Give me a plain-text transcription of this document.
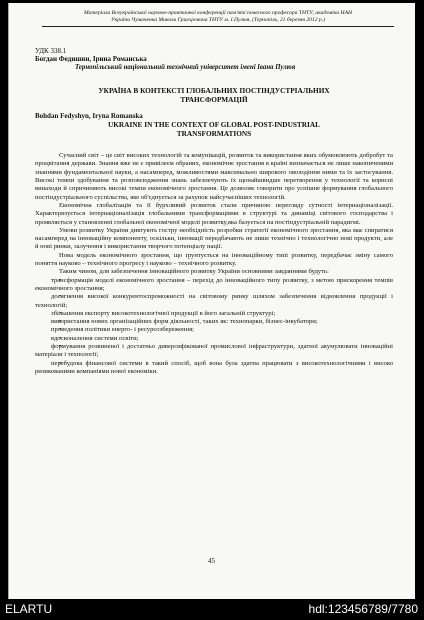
Матеріали Всеукраїнської науково-практичної конференції пам'яті почесного професора ТНТУ, академіка НАН
України Чумаченка Миколи Григоровича ТНТУ м. І.Пулюя, (Тернопіль, 21 березня 2012 р.)
УДК 338.1
Богдан Федишин, Ірина Романська
Тернопільський національний технічний університет імені Івана Пулюя
УКРАЇНА В КОНТЕКСТІ ГЛОБАЛЬНИХ ПОСТІНДУСТРІАЛЬНИХ ТРАНСФОРМАЦІЙ
Bohdan Fedyshyn, Iryna Romanska
UKRAINE IN THE CONTEXT OF GLOBAL POST-INDUSTRIAL TRANSFORMATIONS

Сучасний світ – це світ високих технологій та комунікацій, розвиток та використання яких обумовлюють добробут та процвітання держави. Знання вже не є привілеєм обраних, економічне зростання в країні визначається не лише накопиченими знаннями фундаментальної науки, а насамперед, можливостями максимально широкого оволодіння ними та їх застосування. Високі темпи здобування та розповсюдження знань забезпечують їх щонайшвидше перетворення у технології та корисні винаходи й спричиняють високі темпи економічного зростання. Це дозволяє говорити про успішне формування глобального постіндустріального суспільства, яке об'єднується за рахунок найсучасніших технологій.

Економічна глобалізація та її бурхливий розвиток стали причиною перегляду сутності інтернаціоналізації. Характеризується інтернаціоналізація глобальними трансформаціями в структурі та динаміці світового господарства і проявляється у становленні глобальної економічної моделі розвитку,яка базується на постіндустріальній парадигмі.

Умови розвитку України диктують гостру необхідність розробки стратегії економічного зростання, яка має спиратися насамперед на інноваційну компоненту, оскільки, інновації передбачають не лише технічно і технологічно нові продукти, але й нові ринки, залучення і використання творчого потенціалу нації.

Нова модель економічного зростання, що ґрунтується на інноваційному типі розвитку, передбачає зміну самого поняття науково – технічного прогресу і науково – технічного розвитку.

Таким чином, для забезпечення інноваційного розвитку України основними завданнями будуть:

• трансформація моделі економічного зростання – перехід до інноваційного типу розвитку, з метою прискорення темпів економічного зростання;
• досягнення високої конкурентоспроможності на світовому ринку шляхом забезпечення відновлення продукції і технологій;
• збільшення експорту високотехнологічної продукції в його загальній структурі;
• використання нових організаційних форм діяльності, таких як: технопарки, бізнес-інкубатори;
• проведення політики енерго- і ресурсозбереження;
• вдосконалення системи освіти;
• формування розвиненої і достатньо диверсифікованої промислової інфраструктури, здатної акумулювати інноваційні матеріали і технології;
• перебудова фінансової системи в такий спосіб, щоб вона була здатна працювати з високотехнологічними і високо ризикованими компаніями нової економіки.
45
ELARTU	hdl:123456789/7780
